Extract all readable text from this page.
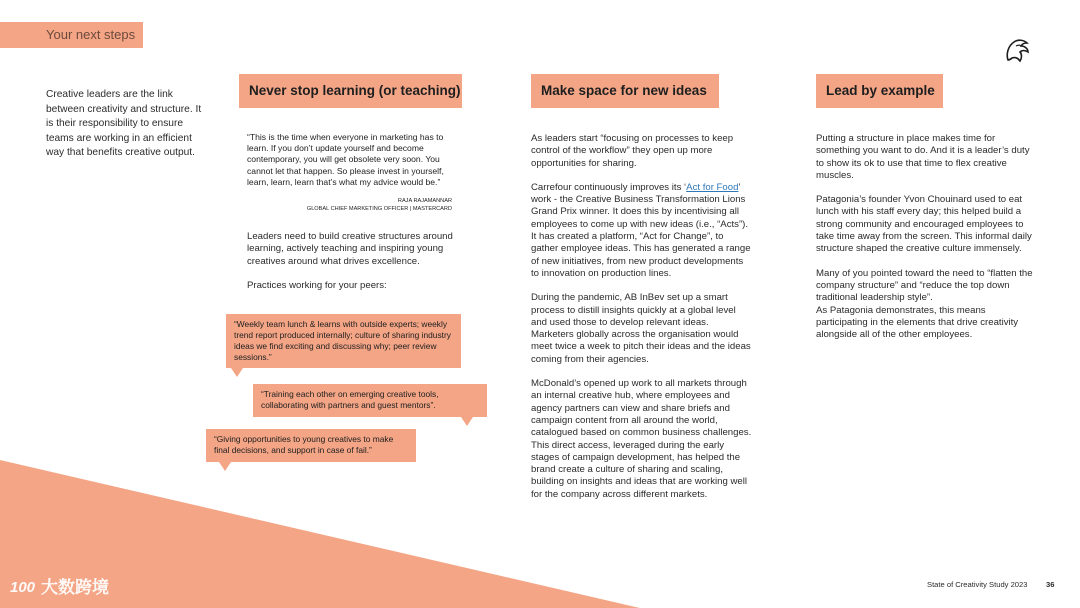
Your next steps
Creative leaders are the link between creativity and structure. It is their responsibility to ensure teams are working in an efficient way that benefits creative output.
Never stop learning (or teaching)
“This is the time when everyone in marketing has to learn. If you don’t update yourself and become contemporary, you will get obsolete very soon. You cannot let that happen. So please invest in yourself, learn, learn, learn that’s what my advice would be.”
RAJA RAJAMANNAR
GLOBAL CHIEF MARKETING OFFICER | MASTERCARD
Leaders need to build creative structures around learning, actively teaching and inspiring young creatives around what drives excellence.
Practices working for your peers:
“Weekly team lunch & learns with outside experts; weekly trend report produced internally; culture of sharing industry ideas we find exciting and discussing why; peer review sessions.”
“Training each other on emerging creative tools, collaborating with partners and guest mentors”.
“Giving opportunities to young creatives to make final decisions, and support in case of fail.”
Make space for new ideas

As leaders start “focusing on processes to keep control of the workflow” they open up more opportunities for sharing.

Carrefour continuously improves its ‘Act for Food’ work - the Creative Business Transformation Lions Grand Prix winner. It does this by incentivising all employees to come up with new ideas (i.e., “Acts”). It has created a platform, “Act for Change”, to gather employee ideas. This has generated a range of new initiatives, from new product developments to innovation on production lines.

During the pandemic, AB InBev set up a smart process to distill insights quickly at a global level and used those to develop relevant ideas. Marketers globally across the organisation would meet twice a week to pitch their ideas and the ideas coming from their agencies.

McDonald’s opened up work to all markets through an internal creative hub, where employees and agency partners can view and share briefs and campaign content from all around the world, catalogued based on common business challenges. This direct access, leveraged during the early stages of campaign development, has helped the brand create a culture of sharing and scaling, building on insights and ideas that are working well for the company across different markets.

Lead by example

Putting a structure in place makes time for something you want to do. And it is a leader’s duty to show its ok to use that time to flex creative muscles.

Patagonia’s founder Yvon Chouinard used to eat lunch with his staff every day; this helped build a strong community and encouraged employees to take time away from the screen. This informal daily structure shaped the creative culture immensely.

Many of you pointed toward the need to “flatten the company structure” and “reduce the top down traditional leadership style”.

As Patagonia demonstrates, this means participating in the elements that drive creativity alongside all of the other employees.

State of Creativity Study 2023 36
100 大数跨境
